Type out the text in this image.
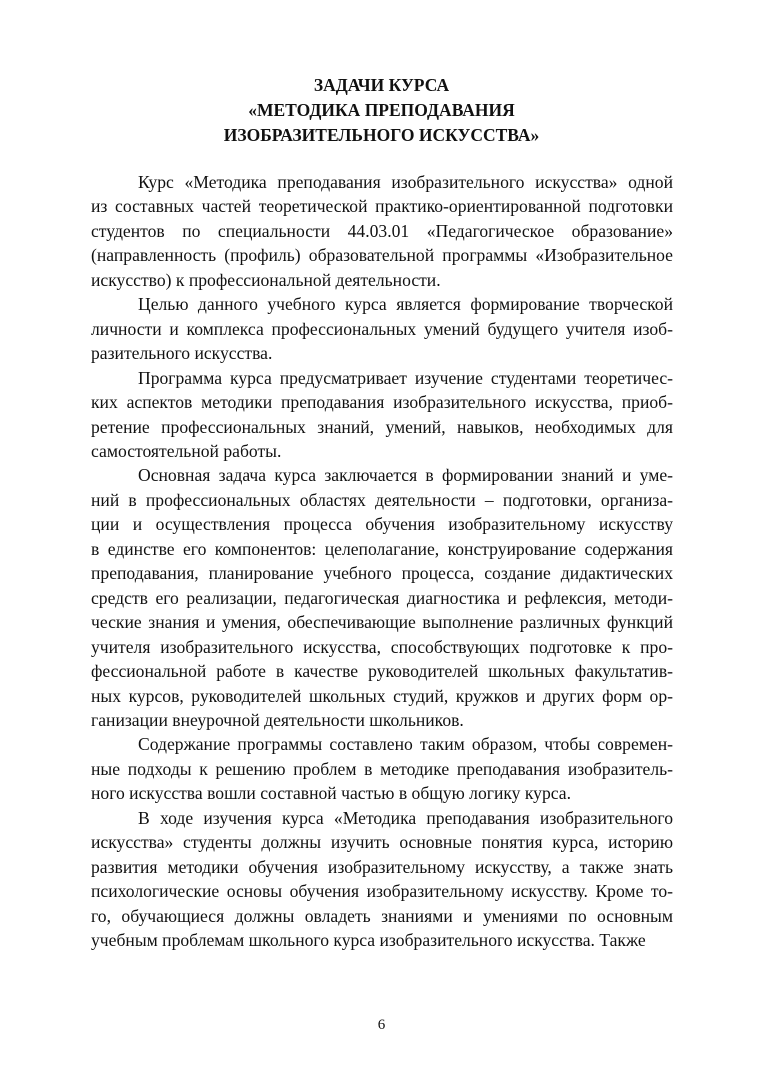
ЗАДАЧИ КУРСА
«МЕТОДИКА ПРЕПОДАВАНИЯ
ИЗОБРАЗИТЕЛЬНОГО ИСКУССТВА»
Курс «Методика преподавания изобразительного искусства» одной
из составных частей теоретической практико-ориентированной подготовки
студентов по специальности 44.03.01 «Педагогическое образование»
(направленность (профиль) образовательной программы «Изобразительное
искусство) к профессиональной деятельности.
Целью данного учебного курса является формирование творческой
личности и комплекса профессиональных умений будущего учителя изоб-
разительного искусства.
Программа курса предусматривает изучение студентами теоретичес-
ких аспектов методики преподавания изобразительного искусства, приоб-
ретение профессиональных знаний, умений, навыков, необходимых для
самостоятельной работы.
Основная задача курса заключается в формировании знаний и уме-
ний в профессиональных областях деятельности – подготовки, организа-
ции и осуществления процесса обучения изобразительному искусству
в единстве его компонентов: целеполагание, конструирование содержания
преподавания, планирование учебного процесса, создание дидактических
средств его реализации, педагогическая диагностика и рефлексия, методи-
ческие знания и умения, обеспечивающие выполнение различных функций
учителя изобразительного искусства, способствующих подготовке к про-
фессиональной работе в качестве руководителей школьных факультатив-
ных курсов, руководителей школьных студий, кружков и других форм ор-
ганизации внеурочной деятельности школьников.
Содержание программы составлено таким образом, чтобы современ-
ные подходы к решению проблем в методике преподавания изобразитель-
ного искусства вошли составной частью в общую логику курса.
В ходе изучения курса «Методика преподавания изобразительного
искусства» студенты должны изучить основные понятия курса, историю
развития методики обучения изобразительному искусству, а также знать
психологические основы обучения изобразительному искусству. Кроме то-
го, обучающиеся должны овладеть знаниями и умениями по основным
учебным проблемам школьного курса изобразительного искусства. Также
6
